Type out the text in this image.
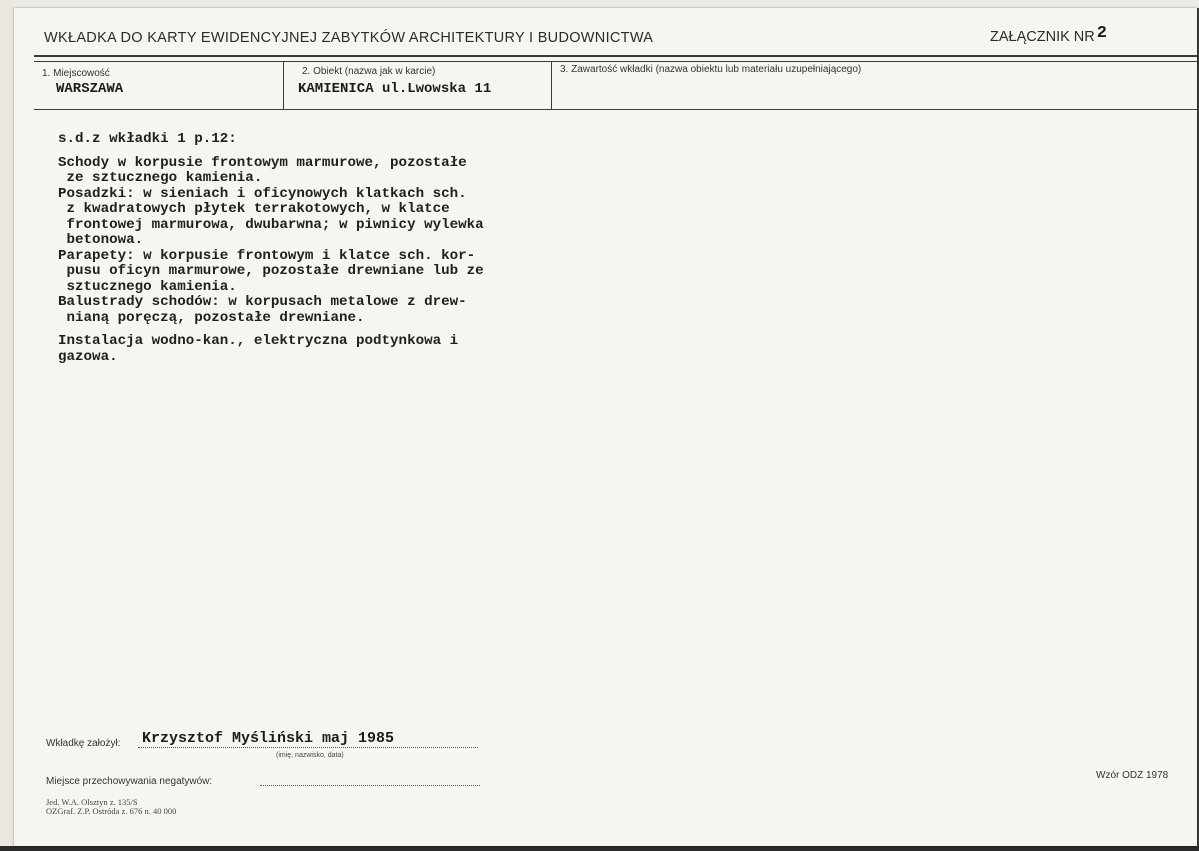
WKŁADKA DO KARTY EWIDENCYJNEJ ZABYTKÓW ARCHITEKTURY I BUDOWNICTWA	ZAŁĄCZNIK NR 2
1. Miejscowość
WARSZAWA
2. Obiekt (nazwa jak w karcie)
KAMIENICA ul.Lwowska 11
3. Zawartość wkładki (nazwa obiektu lub materiału uzupełniającego)
s.d.z wkładki 1 p.12:
Schody w korpusie frontowym marmurowe, pozostałe
ze sztucznego kamienia.
Posadzki: w sieniach i oficynowych klatkach sch.
z kwadratowych płytek terrakotowych, w klatce
frontowej marmurowa, dwubarwna; w piwnicy wylewka
betonowa.
Parapety: w korpusie frontowym i klatce sch. kor-
pusu oficyn marmurowe, pozostałe drewniane lub ze
sztucznego kamienia.
Balustrady schodów: w korpusach metalowe z drew-
nianą poręczą, pozostałe drewniane.
Instalacja wodno-kan., elektryczna podtynkowa i
gazowa.
Wkładkę założył: Krzysztof Myśliński maj 1985
(imię, nazwisko, data)
Miejsce przechowywania negatywów:
Jed. W.A. Olsztyn z. 135/S
OZGraf. Z.P. Ostróda z. 676 n. 40 000
Wzór ODZ 1978
